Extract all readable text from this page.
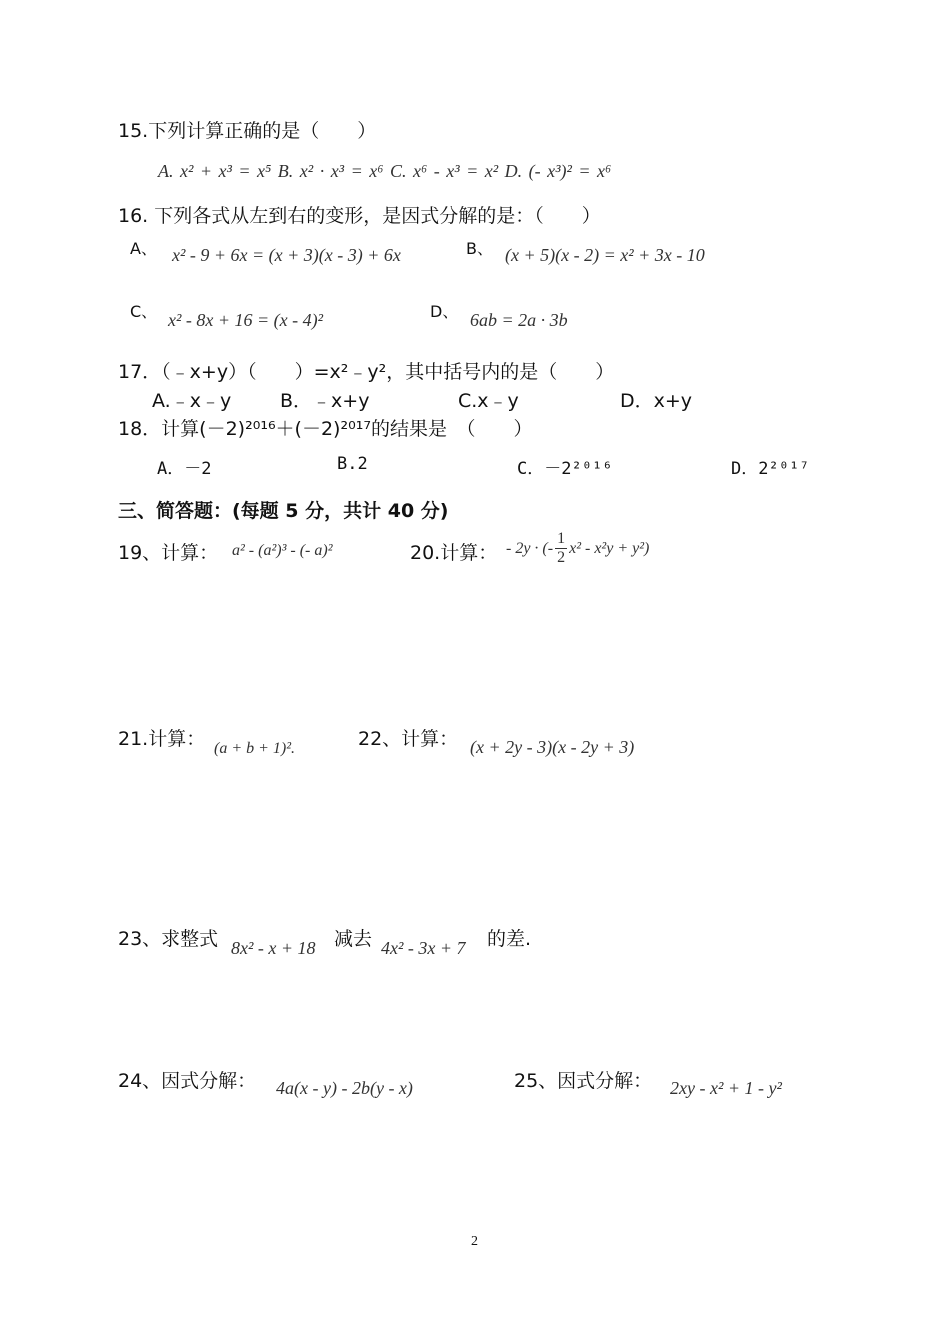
15.下列计算正确的是（　　）
A. x² + x³ = x⁵ B. x² · x³ = x⁶ C. x⁶ - x³ = x² D. (- x³)² = x⁶
16. 下列各式从左到右的变形，是因式分解的是：（　　）
A、 x² - 9 + 6x = (x + 3)(x - 3) + 6x	B、 (x + 5)(x - 2) = x² + 3x - 10
C、 x² - 8x + 16 = (x - 4)²	D、 6ab = 2a · 3b
17．（﹣x+y）（　　）=x²﹣y²，其中括号内的是（　　）
A.﹣x﹣y	B．﹣x+y	C.x﹣y	D．x+y
18．计算(－2)²⁰¹⁶＋(－2)²⁰¹⁷的结果是　（　　）
A．－2	B.2	C．－2²⁰¹⁶	D．2²⁰¹⁷
三、简答题：(每题 5 分，共计 40 分)
19、计算： a² - (a²)³ - (- a)²	20.计算： - 2y · (- $\frac{1}{2} x^2 - x^2y + y^2$)
21.计算： (a + b + 1)².	22、计算： (x + 2y - 3)(x - 2y + 3)
23、求整式 8x² - x + 18 减去 4x² - 3x + 7 的差.
24、因式分解： 4a(x - y) - 2b(y - x)	25、因式分解： 2xy - x² + 1 - y²
2
